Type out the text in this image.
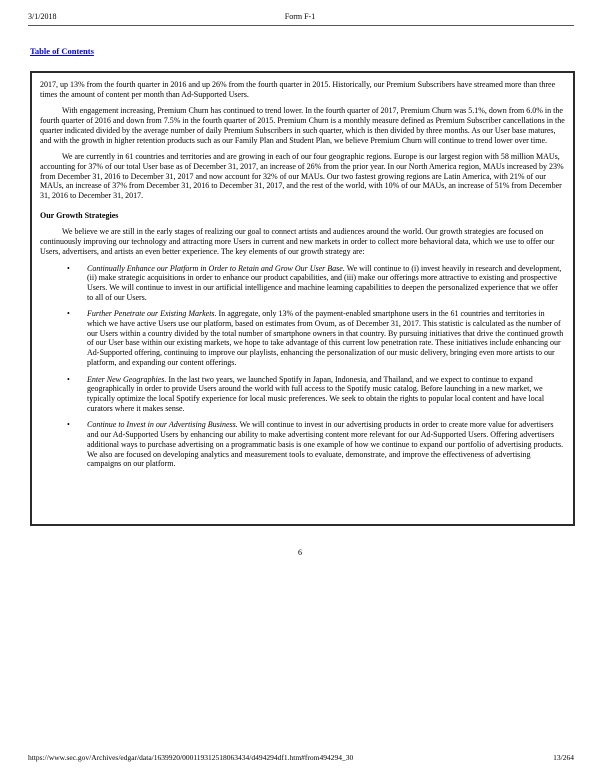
3/1/2018	Form F-1
Table of Contents

2017, up 13% from the fourth quarter in 2016 and up 26% from the fourth quarter in 2015. Historically, our Premium Subscribers have streamed more than three times the amount of content per month than Ad-Supported Users.

With engagement increasing, Premium Churn has continued to trend lower. In the fourth quarter of 2017, Premium Churn was 5.1%, down from 6.0% in the fourth quarter of 2016 and down from 7.5% in the fourth quarter of 2015. Premium Churn is a monthly measure defined as Premium Subscriber cancellations in the quarter indicated divided by the average number of daily Premium Subscribers in such quarter, which is then divided by three months. As our User base matures, and with the growth in higher retention products such as our Family Plan and Student Plan, we believe Premium Churn will continue to trend lower over time.

We are currently in 61 countries and territories and are growing in each of our four geographic regions. Europe is our largest region with 58 million MAUs, accounting for 37% of our total User base as of December 31, 2017, an increase of 26% from the prior year. In our North America region, MAUs increased by 23% from December 31, 2016 to December 31, 2017 and now account for 32% of our MAUs. Our two fastest growing regions are Latin America, with 21% of our MAUs, an increase of 37% from December 31, 2016 to December 31, 2017, and the rest of the world, with 10% of our MAUs, an increase of 51% from December 31, 2016 to December 31, 2017.

Our Growth Strategies

We believe we are still in the early stages of realizing our goal to connect artists and audiences around the world. Our growth strategies are focused on continuously improving our technology and attracting more Users in current and new markets in order to collect more behavioral data, which we use to offer our Users, advertisers, and artists an even better experience. The key elements of our growth strategy are:

•	Continually Enhance our Platform in Order to Retain and Grow Our User Base. We will continue to (i) invest heavily in research and development, (ii) make strategic acquisitions in order to enhance our product capabilities, and (iii) make our offerings more attractive to existing and prospective Users. We will continue to invest in our artificial intelligence and machine learning capabilities to deepen the personalized experience that we offer to all of our Users.
•	Further Penetrate our Existing Markets. In aggregate, only 13% of the payment-enabled smartphone users in the 61 countries and territories in which we have active Users use our platform, based on estimates from Ovum, as of December 31, 2017. This statistic is calculated as the number of our Users within a country divided by the total number of smartphone owners in that country. By pursuing initiatives that drive the continued growth of our User base within our existing markets, we hope to take advantage of this current low penetration rate. These initiatives include enhancing our Ad-Supported offering, continuing to improve our playlists, enhancing the personalization of our music delivery, bringing even more artists to our platform, and expanding our content offerings.
•	Enter New Geographies. In the last two years, we launched Spotify in Japan, Indonesia, and Thailand, and we expect to continue to expand geographically in order to provide Users around the world with full access to the Spotify music catalog. Before launching in a new market, we typically optimize the local Spotify experience for local music preferences. We seek to obtain the rights to popular local content and have local curators where it makes sense.
•	Continue to Invest in our Advertising Business. We will continue to invest in our advertising products in order to create more value for advertisers and our Ad-Supported Users by enhancing our ability to make advertising content more relevant for our Ad-Supported Users. Offering advertisers additional ways to purchase advertising on a programmatic basis is one example of how we continue to expand our portfolio of advertising products. We also are focused on developing analytics and measurement tools to evaluate, demonstrate, and improve the effectiveness of advertising campaigns on our platform.
6
https://www.sec.gov/Archives/edgar/data/1639920/000119312518063434/d494294df1.htm#from494294_30	13/264
